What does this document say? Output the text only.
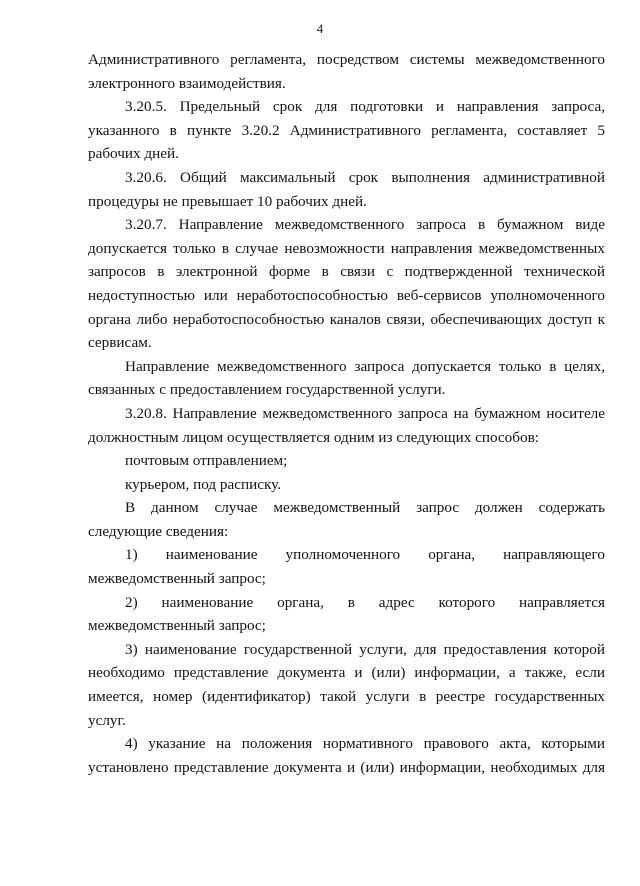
4

Административного регламента, посредством системы межведомственного электронного взаимодействия.

3.20.5. Предельный срок для подготовки и направления запроса, указанного в пункте 3.20.2 Административного регламента, составляет 5 рабочих дней.

3.20.6. Общий максимальный срок выполнения административной процедуры не превышает 10 рабочих дней.

3.20.7. Направление межведомственного запроса в бумажном виде допускается только в случае невозможности направления межведомственных запросов в электронной форме в связи с подтвержденной технической недоступностью или неработоспособностью веб-сервисов уполномоченного органа либо неработоспособностью каналов связи, обеспечивающих доступ к сервисам.

Направление межведомственного запроса допускается только в целях, связанных с предоставлением государственной услуги.

3.20.8. Направление межведомственного запроса на бумажном носителе должностным лицом осуществляется одним из следующих способов:

почтовым отправлением;

курьером, под расписку.

В данном случае межведомственный запрос должен содержать следующие сведения:

1) наименование уполномоченного органа, направляющего межведомственный запрос;

2) наименование органа, в адрес которого направляется межведомственный запрос;

3) наименование государственной услуги, для предоставления которой необходимо представление документа и (или) информации, а также, если имеется, номер (идентификатор) такой услуги в реестре государственных услуг.

4) указание на положения нормативного правового акта, которыми установлено представление документа и (или) информации, необходимых для
